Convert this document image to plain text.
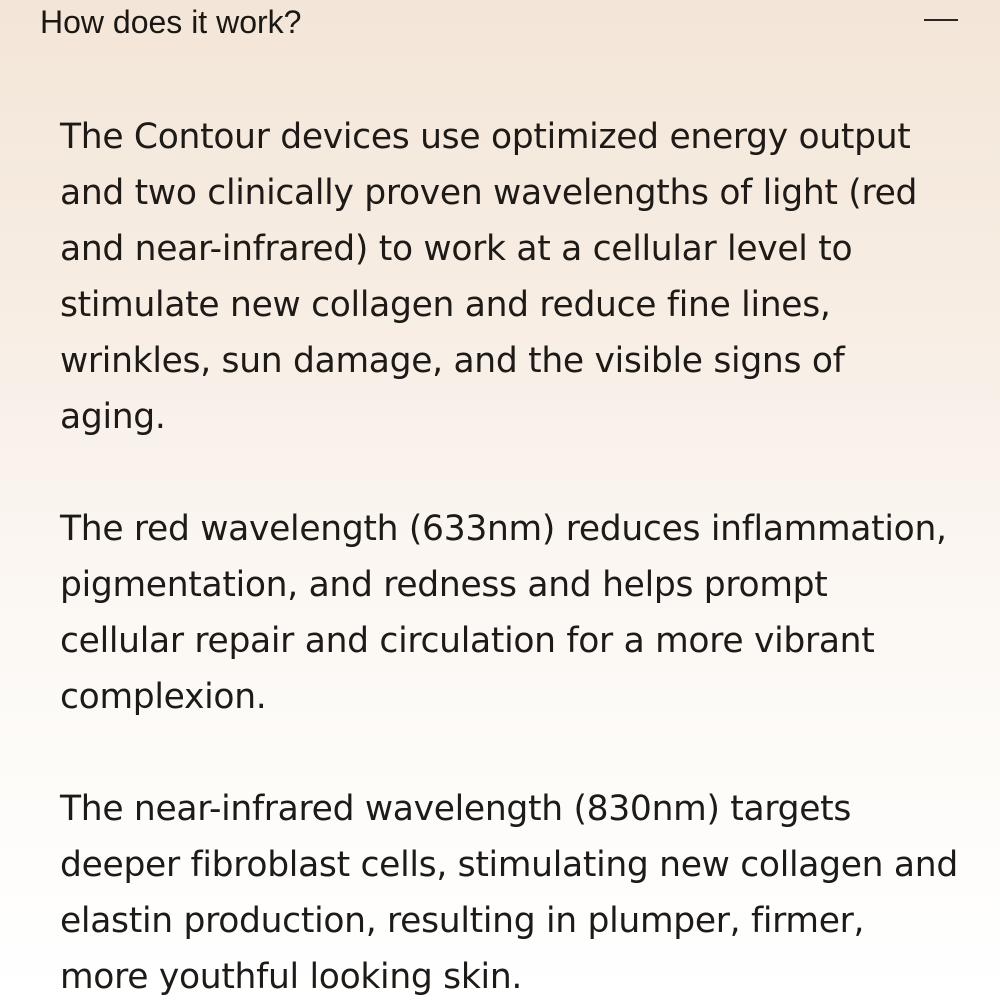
How does it work?

The Contour devices use optimized energy output and two clinically proven wavelengths of light (red and near-infrared) to work at a cellular level to stimulate new collagen and reduce fine lines, wrinkles, sun damage, and the visible signs of aging.

The red wavelength (633nm) reduces inflammation, pigmentation, and redness and helps prompt cellular repair and circulation for a more vibrant complexion.

The near-infrared wavelength (830nm) targets deeper fibroblast cells, stimulating new collagen and elastin production, resulting in plumper, firmer, more youthful looking skin.
